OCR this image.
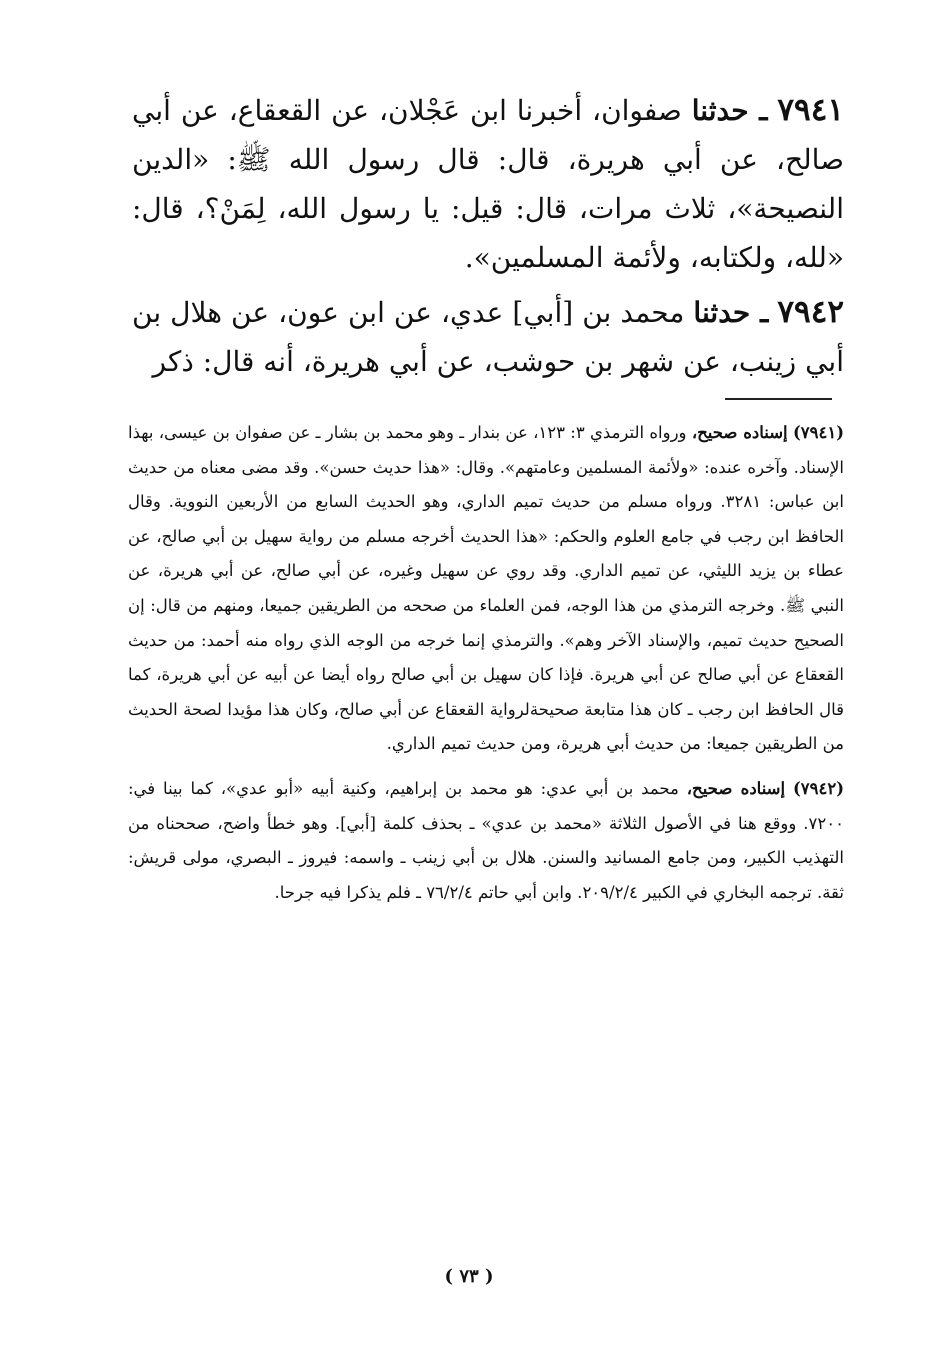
٧٩٤١ ـ حدثنا صفوان، أخبرنا ابن عَجْلان، عن القعقاع، عن أبي صالح، عن أبي هريرة، قال: قال رسول الله ﷺ: «الدين النصيحة»، ثلاث مرات، قال: قيل: يا رسول الله، لِمَنْ؟، قال: «لله، ولكتابه، ولأئمة المسلمين».

٧٩٤٢ ـ حدثنا محمد بن [أبي] عدي، عن ابن عون، عن هلال بن أبي زينب، عن شهر بن حوشب، عن أبي هريرة، أنه قال: ذكر

(٧٩٤١) إسناده صحيح، ورواه الترمذي ٣: ١٢٣، عن بندار ـ وهو محمد بن بشار ـ عن صفوان بن عيسى، بهذا الإسناد. وآخره عنده: «ولأئمة المسلمين وعامتهم». وقال: «هذا حديث حسن». وقد مضى معناه من حديث ابن عباس: ٣٢٨١. ورواه مسلم من حديث تميم الداري، وهو الحديث السابع من الأربعين النووية. وقال الحافظ ابن رجب في جامع العلوم والحكم: «هذا الحديث أخرجه مسلم من رواية سهيل بن أبي صالح، عن عطاء بن يزيد الليثي، عن تميم الداري. وقد روي عن سهيل وغيره، عن أبي صالح، عن أبي هريرة، عن النبي ﷺ. وخرجه الترمذي من هذا الوجه، فمن العلماء من صححه من الطريقين جميعا، ومنهم من قال: إن الصحيح حديث تميم، والإسناد الآخر وهم». والترمذي إنما خرجه من الوجه الذي رواه منه أحمد: من حديث القعقاع عن أبي صالح عن أبي هريرة. فإذا كان سهيل بن أبي صالح رواه أيضا عن أبيه عن أبي هريرة، كما قال الحافظ ابن رجب ـ كان هذا متابعة صحيحةلرواية القعقاع عن أبي صالح، وكان هذا مؤيدا لصحة الحديث من الطريقين جميعا: من حديث أبي هريرة، ومن حديث تميم الداري.

(٧٩٤٢) إسناده صحيح، محمد بن أبي عدي: هو محمد بن إبراهيم، وكنية أبيه «أبو عدي»، كما بينا في: ٧٢٠٠. ووقع هنا في الأصول الثلاثة «محمد بن عدي» ـ بحذف كلمة [أبي]. وهو خطأ واضح، صححناه من التهذيب الكبير، ومن جامع المسانيد والسنن. هلال بن أبي زينب ـ واسمه: فيروز ـ البصري، مولى قريش: ثقة. ترجمه البخاري في الكبير ٢٠٩/٢/٤. وابن أبي حاتم ٧٦/٢/٤ ـ فلم يذكرا فيه جرحا.

( ٧٣ )
